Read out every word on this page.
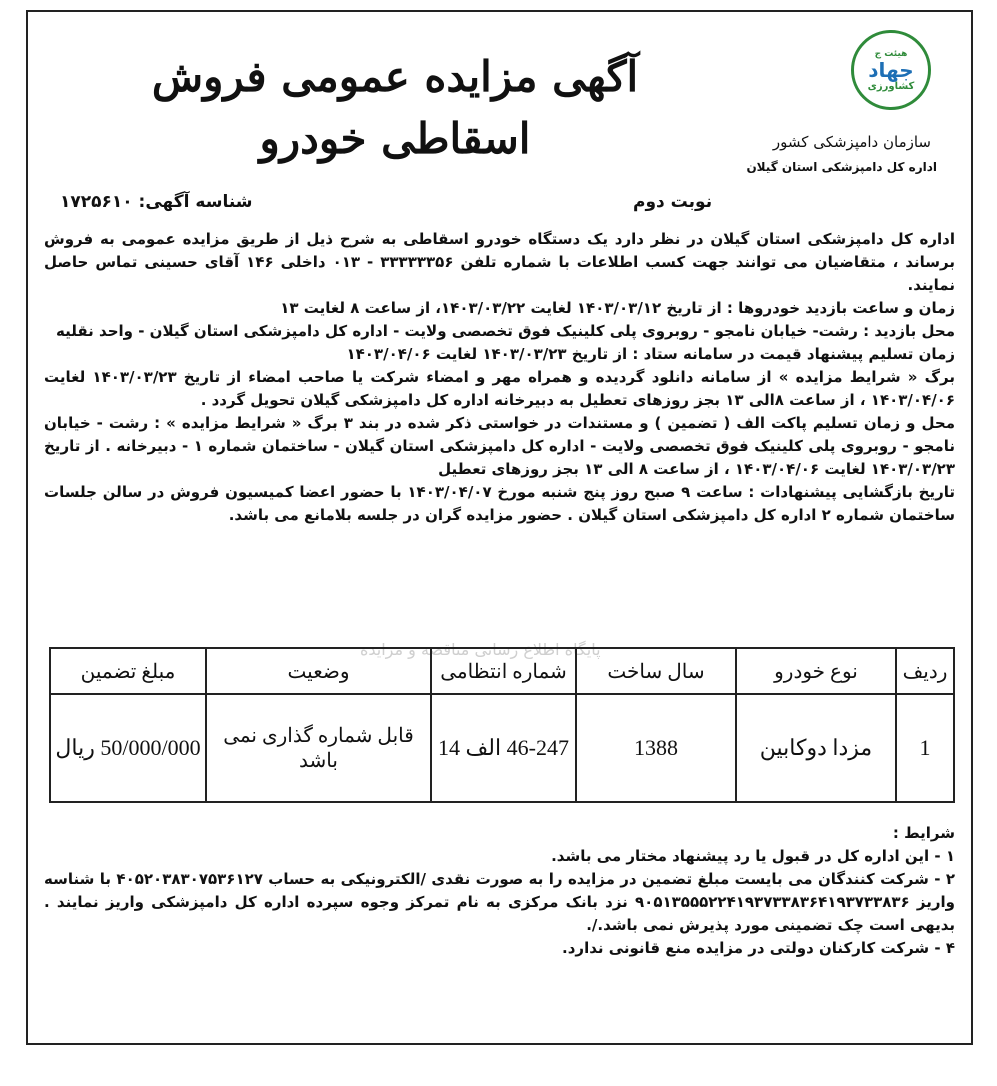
هیئت ج
جهاد
کشاورزی
سازمان دامپزشکی کشور
اداره کل دامپزشکی استان گیلان
آگهی مزایده عمومی فروش
اسقاطی خودرو
نوبت دوم
شناسه آگهی: ۱۷۲۵۶۱۰

اداره کل دامپزشکی استان گیلان در نظر دارد یک دستگاه خودرو اسقاطی به شرح ذیل از طریق مزایده عمومی به فروش برساند ، متقاضیان می توانند جهت کسب اطلاعات با شماره تلفن ۳۳۳۳۳۳۵۶ - ۰۱۳ داخلی ۱۴۶ آقای حسینی تماس حاصل نمایند.

زمان و ساعت بازدید خودروها : از تاریخ ۱۴۰۳/۰۳/۱۲ لغایت ۱۴۰۳/۰۳/۲۲، از ساعت ۸ لغایت ۱۳

محل بازدید : رشت- خیابان نامجو - روبروی پلی کلینیک فوق تخصصی ولایت - اداره کل دامپزشکی استان گیلان - واحد نقلیه

زمان تسلیم پیشنهاد قیمت در سامانه ستاد : از تاریخ ۱۴۰۳/۰۳/۲۳ لغایت ۱۴۰۳/۰۴/۰۶

برگ « شرایط مزایده » از سامانه دانلود گردیده و همراه مهر و امضاء شرکت یا صاحب امضاء از تاریخ ۱۴۰۳/۰۳/۲۳ لغایت ۱۴۰۳/۰۴/۰۶ ، از ساعت ۸الی ۱۳ بجز روزهای تعطیل به دبیرخانه اداره کل دامپزشکی گیلان تحویل گردد .

محل و زمان تسلیم پاکت الف ( تضمین ) و مستندات در خواستی ذکر شده در بند ۳ برگ « شرایط مزایده » : رشت - خیابان نامجو - روبروی پلی کلینیک فوق تخصصی ولایت - اداره کل دامپزشکی استان گیلان - ساختمان شماره ۱ - دبیرخانه . از تاریخ ۱۴۰۳/۰۳/۲۳ لغایت ۱۴۰۳/۰۴/۰۶ ، از ساعت ۸ الی ۱۳ بجز روزهای تعطیل

تاریخ بازگشایی پیشنهادات : ساعت ۹ صبح روز پنج شنبه مورخ ۱۴۰۳/۰۴/۰۷ با حضور اعضا کمیسیون فروش در سالن جلسات ساختمان شماره ۲ اداره کل دامپزشکی استان گیلان . حضور مزایده گران در جلسه بلامانع می باشد.

پایگاه اطلاع رسانی مناقصه و مزایده
ردیف	نوع خودرو	سال ساخت	شماره انتظامی	وضعیت	مبلغ تضمین
1	مزدا دوکابین	1388	46-247 الف 14	قابل شماره گذاری نمی باشد	50/000/000 ریال

شرایط :

۱ - این اداره کل در قبول یا رد پیشنهاد مختار می باشد.

۲ - شرکت کنندگان می بایست مبلغ تضمین در مزایده را به صورت نقدی /الکترونیکی به حساب ۴۰۵۲۰۳۸۳۰۷۵۳۶۱۲۷ با شناسه واریز ۹۰۵۱۳۵۵۵۲۲۴۱۹۳۷۳۳۸۳۶۴۱۹۳۷۳۳۸۳۶ نزد بانک مرکزی به نام تمرکز وجوه سپرده اداره کل دامپزشکی واریز نمایند . بدیهی است چک تضمینی مورد پذیرش نمی باشد./.

۴ - شرکت کارکنان دولتی در مزایده منع قانونی ندارد.
